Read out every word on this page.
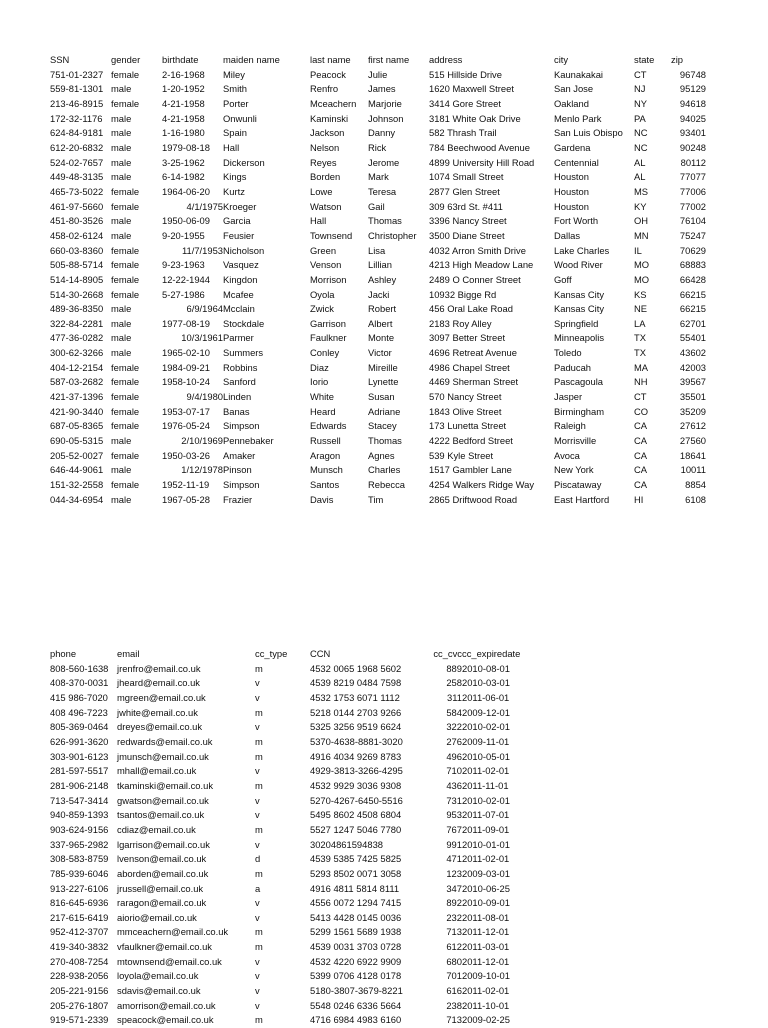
SSN	gender	birthdate	maiden name	last name	first name	address	city	state	zip
751-01-2327	female	2-16-1968	Miley	Peacock	Julie	515 Hillside Drive	Kaunakakai	CT	96748
559-81-1301	male	1-20-1952	Smith	Renfro	James	1620 Maxwell Street	San Jose	NJ	95129
213-46-8915	female	4-21-1958	Porter	Mceachern	Marjorie	3414 Gore Street	Oakland	NY	94618
172-32-1176	male	4-21-1958	Onwunli	Kaminski	Johnson	3181 White Oak Drive	Menlo Park	PA	94025
624-84-9181	male	1-16-1980	Spain	Jackson	Danny	582 Thrash Trail	San Luis Obispo	NC	93401
612-20-6832	male	1979-08-18	Hall	Nelson	Rick	784 Beechwood Avenue	Gardena	NC	90248
524-02-7657	male	3-25-1962	Dickerson	Reyes	Jerome	4899 University Hill Road	Centennial	AL	80112
449-48-3135	male	6-14-1982	Kings	Borden	Mark	1074 Small Street	Houston	AL	77077
465-73-5022	female	1964-06-20	Kurtz	Lowe	Teresa	2877 Glen Street	Houston	MS	77006
461-97-5660	female	4/1/1975	Kroeger	Watson	Gail	309 63rd St. #411	Houston	KY	77002
451-80-3526	male	1950-06-09	Garcia	Hall	Thomas	3396 Nancy Street	Fort Worth	OH	76104
458-02-6124	male	9-20-1955	Feusier	Townsend	Christopher	3500 Diane Street	Dallas	MN	75247
660-03-8360	female	11/7/1953	Nicholson	Green	Lisa	4032 Arron Smith Drive	Lake Charles	IL	70629
505-88-5714	female	9-23-1963	Vasquez	Venson	Lillian	4213 High Meadow Lane	Wood River	MO	68883
514-14-8905	female	12-22-1944	Kingdon	Morrison	Ashley	2489 O Conner Street	Goff	MO	66428
514-30-2668	female	5-27-1986	Mcafee	Oyola	Jacki	10932 Bigge Rd	Kansas City	KS	66215
489-36-8350	male	6/9/1964	Mcclain	Zwick	Robert	456 Oral Lake Road	Kansas City	NE	66215
322-84-2281	male	1977-08-19	Stockdale	Garrison	Albert	2183 Roy Alley	Springfield	LA	62701
477-36-0282	male	10/3/1961	Parmer	Faulkner	Monte	3097 Better Street	Minneapolis	TX	55401
300-62-3266	male	1965-02-10	Summers	Conley	Victor	4696 Retreat Avenue	Toledo	TX	43602
404-12-2154	female	1984-09-21	Robbins	Diaz	Mireille	4986 Chapel Street	Paducah	MA	42003
587-03-2682	female	1958-10-24	Sanford	Iorio	Lynette	4469 Sherman Street	Pascagoula	NH	39567
421-37-1396	female	9/4/1980	Linden	White	Susan	570 Nancy Street	Jasper	CT	35501
421-90-3440	female	1953-07-17	Banas	Heard	Adriane	1843 Olive Street	Birmingham	CO	35209
687-05-8365	female	1976-05-24	Simpson	Edwards	Stacey	173 Lunetta Street	Raleigh	CA	27612
690-05-5315	male	2/10/1969	Pennebaker	Russell	Thomas	4222 Bedford Street	Morrisville	CA	27560
205-52-0027	female	1950-03-26	Amaker	Aragon	Agnes	539 Kyle Street	Avoca	CA	18641
646-44-9061	male	1/12/1978	Pinson	Munsch	Charles	1517 Gambler Lane	New York	CA	10011
151-32-2558	female	1952-11-19	Simpson	Santos	Rebecca	4254 Walkers Ridge Way	Piscataway	CA	8854
044-34-6954	male	1967-05-28	Frazier	Davis	Tim	2865 Driftwood Road	East Hartford	HI	6108
phone	email	cc_type	CCN	cc_cvc	cc_expiredate
808-560-1638	jrenfro@email.co.uk	m	4532 0065 1968 5602	889	2010-08-01
408-370-0031	jheard@email.co.uk	v	4539 8219 0484 7598	258	2010-03-01
415 986-7020	mgreen@email.co.uk	v	4532 1753 6071 1112	311	2011-06-01
408 496-7223	jwhite@email.co.uk	m	5218 0144 2703 9266	584	2009-12-01
805-369-0464	dreyes@email.co.uk	v	5325 3256 9519 6624	322	2010-02-01
626-991-3620	redwards@email.co.uk	m	5370-4638-8881-3020	276	2009-11-01
303-901-6123	jmunsch@email.co.uk	m	4916 4034 9269 8783	496	2010-05-01
281-597-5517	mhall@email.co.uk	v	4929-3813-3266-4295	710	2011-02-01
281-906-2148	tkaminski@email.co.uk	m	4532 9929 3036 9308	436	2011-11-01
713-547-3414	gwatson@email.co.uk	v	5270-4267-6450-5516	731	2010-02-01
940-859-1393	tsantos@email.co.uk	v	5495 8602 4508 6804	953	2011-07-01
903-624-9156	cdiaz@email.co.uk	m	5527 1247 5046 7780	767	2011-09-01
337-965-2982	lgarrison@email.co.uk	v	30204861594838	991	2010-01-01
308-583-8759	lvenson@email.co.uk	d	4539 5385 7425 5825	471	2011-02-01
785-939-6046	aborden@email.co.uk	m	5293 8502 0071 3058	123	2009-03-01
913-227-6106	jrussell@email.co.uk	a	4916 4811 5814 8111	347	2010-06-25
816-645-6936	raragon@email.co.uk	v	4556 0072 1294 7415	892	2010-09-01
217-615-6419	aiorio@email.co.uk	v	5413 4428 0145 0036	232	2011-08-01
952-412-3707	mmceachern@email.co.uk	m	5299 1561 5689 1938	713	2011-12-01
419-340-3832	vfaulkner@email.co.uk	m	4539 0031 3703 0728	612	2011-03-01
270-408-7254	mtownsend@email.co.uk	v	4532 4220 6922 9909	680	2011-12-01
228-938-2056	loyola@email.co.uk	v	5399 0706 4128 0178	701	2009-10-01
205-221-9156	sdavis@email.co.uk	v	5180-3807-3679-8221	616	2011-02-01
205-276-1807	amorrison@email.co.uk	v	5548 0246 6336 5664	238	2011-10-01
919-571-2339	speacock@email.co.uk	m	4716 6984 4983 6160	713	2009-02-25
